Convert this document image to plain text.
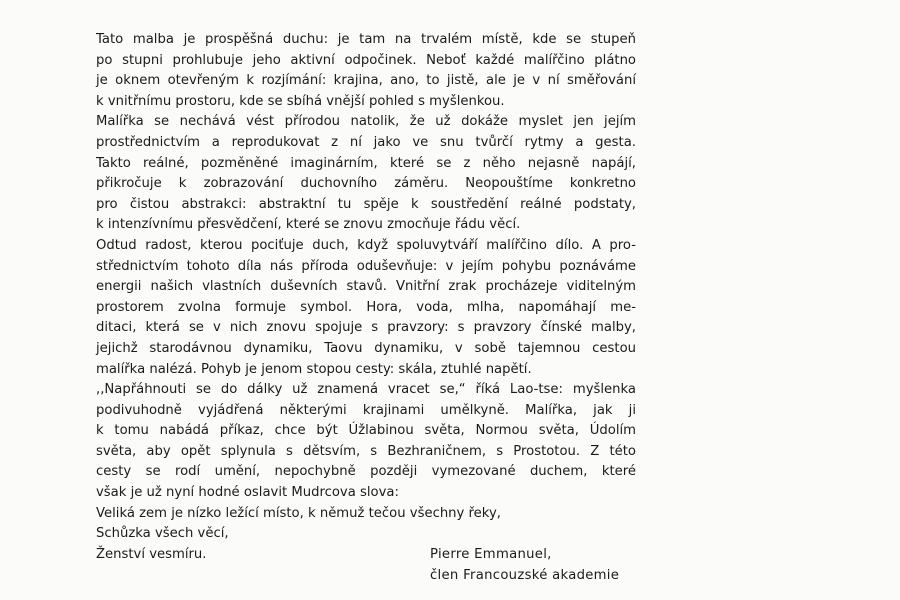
Tato malba je prospěšná duchu: je tam na trvalém místě, kde se stupeň
po stupni prohlubuje jeho aktivní odpočinek. Neboť každé malířčino plátno
je oknem otevřeným k rozjímání: krajina, ano, to jistě, ale je v ní směřování
k vnitřnímu prostoru, kde se sbíhá vnější pohled s myšlenkou.

Malířka se nechává vést přírodou natolik, že už dokáže myslet jen jejím
prostřednictvím a reprodukovat z ní jako ve snu tvůrčí rytmy a gesta.
Takto reálné, pozměněné imaginárním, které se z něho nejasně napájí,
přikročuje k zobrazování duchovního záměru. Neopouštíme konkretno
pro čistou abstrakci: abstraktní tu spěje k soustředění reálné podstaty,
k intenzívnímu přesvědčení, které se znovu zmocňuje řádu věcí.

Odtud radost, kterou pociťuje duch, když spoluvytváří malířčino dílo. A pro-
střednictvím tohoto díla nás příroda oduševňuje: v jejím pohybu poznáváme
energii našich vlastních duševních stavů. Vnitřní zrak procházeje viditelným
prostorem zvolna formuje symbol. Hora, voda, mlha, napomáhají me-
ditaci, která se v nich znovu spojuje s pravzory: s pravzory čínské malby,
jejichž starodávnou dynamiku, Taovu dynamiku, v sobě tajemnou cestou
malířka nalézá. Pohyb je jenom stopou cesty: skála, ztuhlé napětí.

,,Napřáhnouti se do dálky už znamená vracet se,“ říká Lao-tse: myšlenka
podivuhodně vyjádřená některými krajinami umělkyně. Malířka, jak ji
k tomu nabádá příkaz, chce být Úžlabinou světa, Normou světa, Údolím
světa, aby opět splynula s dětsvím, s Bezhraničnem, s Prostotou. Z této
cesty se rodí umění, nepochybně později vymezované duchem, které
však je už nyní hodné oslavit Mudrcova slova:

Veliká zem je nízko ležící místo, k němuž tečou všechny řeky,
Schůzka všech věcí,
Ženství vesmíru.	Pierre Emmanuel,
člen Francouzské akademie
